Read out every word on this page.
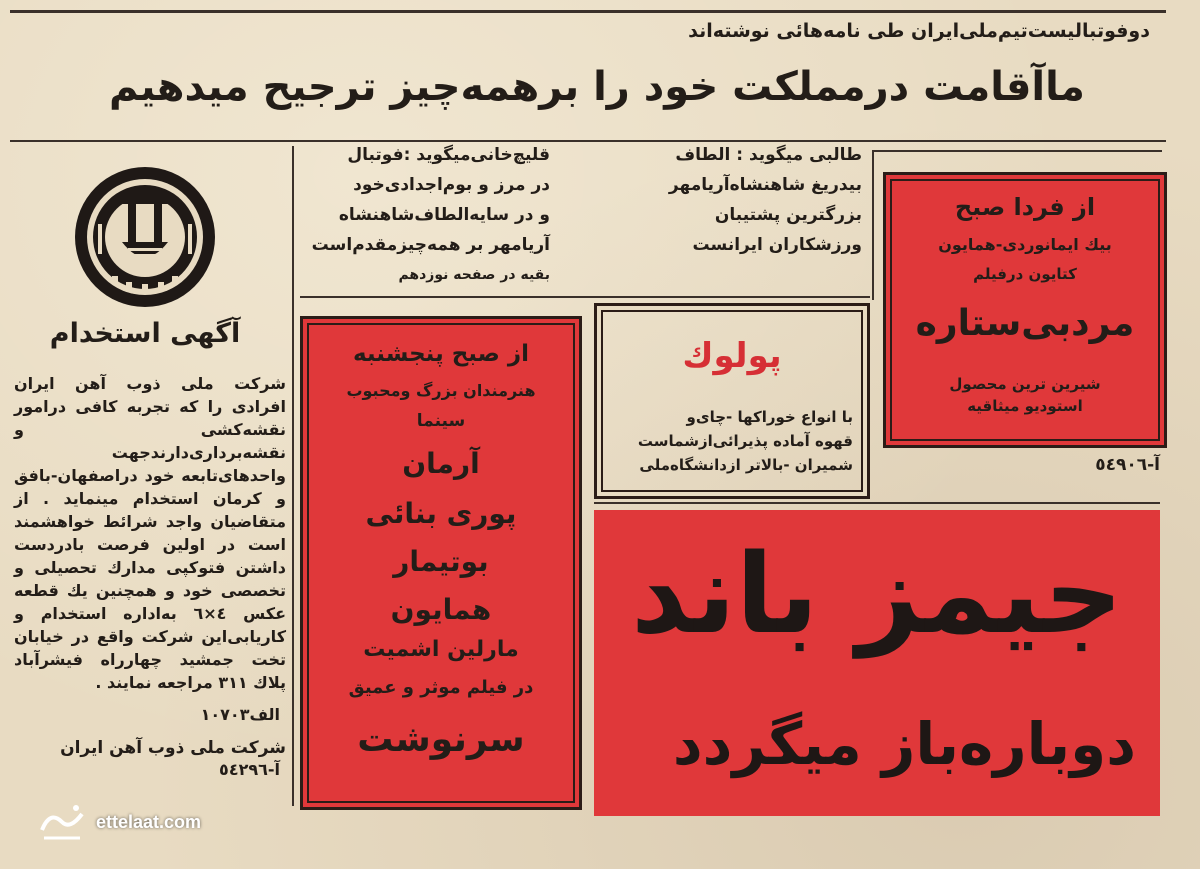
دوفوتبالیست‌تیم‌ملی‌ایران طی نامه‌هائی نوشته‌اند
ماآقامت درمملکت خود را برهمه‌چیز ترجیح میدهیم
قلیچ‌خانی‌میگوید :فوتبال
در مرز و بوم‌اجدادی‌خود
و در سایه‌الطاف‌شاهنشاه
آریامهر بر همه‌چیزمقدم‌است
بقیه در صفحه نوزدهم
طالبی میگوید : الطاف
بیدریغ شاهنشاه‌آریامهر
بزرگترین پشتیبان
ورزشکاران ایرانست
آگهی استخدام
شرکت ملی ذوب آهن ایران افرادی را که تجربه کافی درامور نقشه‌کشی و نقشه‌برداری‌دارندجهت واحدهای‌تابعه خود دراصفهان-بافق و کرمان استخدام مینماید . از متقاضیان واجد شرائط خواهشمند است در اولین فرصت بادردست داشتن فتوکپی مدارك تحصیلی و تخصصی خود و همچنین یك قطعه عکس ٤×٦ به‌اداره استخدام و کاریابی‌این شرکت واقع در خیابان تخت جمشید چهارراه فیشرآباد پلاك ٣١١ مراجعه نمایند .
الف١٠٧٠٣
شرکت ملی ذوب آهن ایران
آ-٥٤٢٩٦
از فردا صبح
بیك ایمانوردی-همایون
کتایون درفیلم
مردبی‌ستاره
شیرین ترین محصول
استودیو میثاقیه
آ-٥٤٩٠٦
از صبح پنجشنبه
هنرمندان بزرگ ومحبوب
سینما
آرمان
پوری بنائی
بوتیمار
همایون
مارلین اشمیت
در فیلم موثر و عمیق
سرنوشت
پولوك
با انواع خوراکها -چای‌و
قهوه آماده پذیرائی‌ازشماست
شمیران -بالاتر ازدانشگاه‌ملی
جیمز باند
دوباره‌باز میگردد
ettelaat.com
